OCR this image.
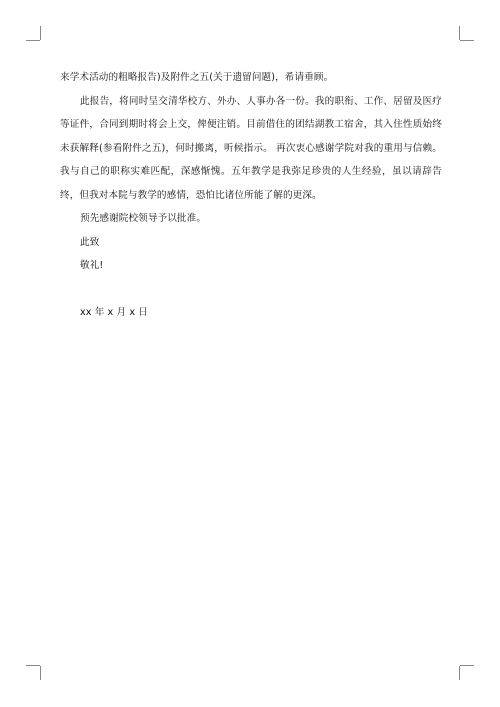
来学术活动的粗略报告)及附件之五(关于遗留问题)，希请垂顾。

此报告，将同时呈交清华校方、外办、人事办各一份。我的职衔、工作、居留及医疗等证件，合同到期时将会上交，俾便注销。目前借住的团结湖教工宿舍，其入住性质始终未获解释(参看附件之五)，何时搬离，听候指示。 再次衷心感谢学院对我的重用与信赖。我与自己的职称实难匹配，深感惭愧。五年教学是我弥足珍贵的人生经验，虽以请辞告终，但我对本院与教学的感情，恐怕比诸位所能了解的更深。

预先感谢院校领导予以批准。

此致

敬礼!

xx 年 x 月 x 日
